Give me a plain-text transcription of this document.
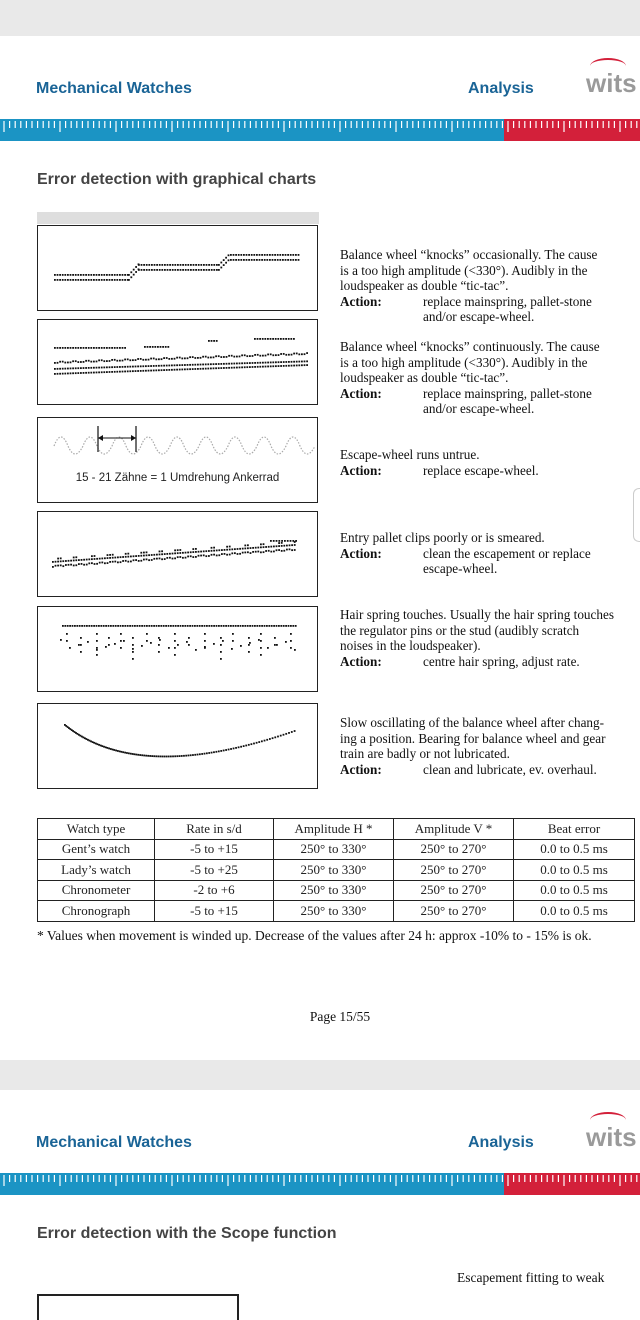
Mechanical Watches	Analysis wits
Error detection with graphical charts
15 - 21 Zähne = 1 Umdrehung Ankerrad

Balance wheel “knocks” occasionally. The cause

is a too high amplitude (<330°). Audibly in the

loudspeaker as double “tic-tac”.

Action:	replace mainspring, pallet-stone

and/or escape-wheel.

Balance wheel “knocks” continuously. The cause

is a too high amplitude (<330°). Audibly in the

loudspeaker as double “tic-tac”.

Action:	replace mainspring, pallet-stone

and/or escape-wheel.

Escape-wheel runs untrue.

Action:	replace escape-wheel.

Entry pallet clips poorly or is smeared.

Action:	clean the escapement or replace

escape-wheel.

Hair spring touches. Usually the hair spring touches

the regulator pins or the stud (audibly scratch

noises in the loudspeaker).

Action:	centre hair spring, adjust rate.

Slow oscillating of the balance wheel after chang-

ing a position. Bearing for balance wheel and gear

train are badly or not lubricated.

Action:	clean and lubricate, ev. overhaul.

Watch type	Rate in s/d	Amplitude H *	Amplitude V *	Beat error
Gent’s watch	-5 to +15	250° to 330°	250° to 270°	0.0 to 0.5 ms
Lady’s watch	-5 to +25	250° to 330°	250° to 270°	0.0 to 0.5 ms
Chronometer	-2 to +6	250° to 330°	250° to 270°	0.0 to 0.5 ms
Chronograph	-5 to +15	250° to 330°	250° to 270°	0.0 to 0.5 ms
* Values when movement is winded up. Decrease of the values after 24 h: approx -10% to - 15% is ok.
Page 15/55
Mechanical Watches	Analysis wits
Error detection with the Scope function
Escapement fitting to weak
